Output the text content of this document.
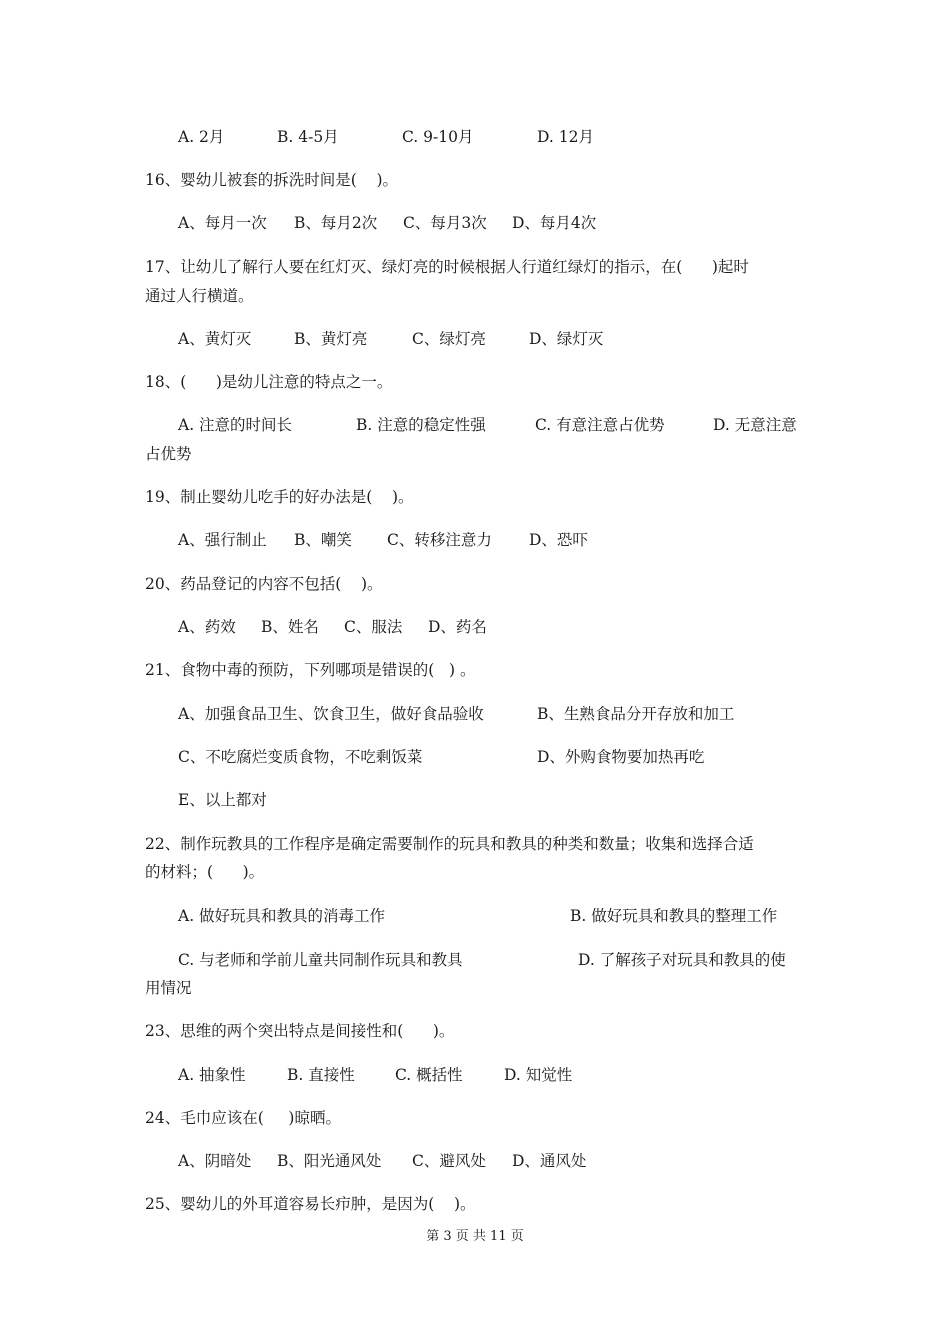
A. 2月	B. 4-5月	C. 9-10月	D. 12月
16、婴幼儿被套的拆洗时间是(    )。
A、每月一次 B、每月2次 C、每月3次 D、每月4次
17、让幼儿了解行人要在红灯灭、绿灯亮的时候根据人行道红绿灯的指示，在(      )起时
通过人行横道。
A、黄灯灭	B、黄灯亮	C、绿灯亮	D、绿灯灭
18、(      )是幼儿注意的特点之一。
A. 注意的时间长	B. 注意的稳定性强	C. 有意注意占优势	D. 无意注意
占优势
19、制止婴幼儿吃手的好办法是(    )。
A、强行制止 B、嘲笑 C、转移注意力 D、恐吓
20、药品登记的内容不包括(    )。
A、药效 B、姓名 C、服法 D、药名
21、食物中毒的预防，下列哪项是错误的(   ) 。
A、加强食品卫生、饮食卫生，做好食品验收	B、生熟食品分开存放和加工
C、不吃腐烂变质食物，不吃剩饭菜	D、外购食物要加热再吃
E、以上都对
22、制作玩教具的工作程序是确定需要制作的玩具和教具的种类和数量；收集和选择合适
的材料；(      )。
A. 做好玩具和教具的消毒工作	B. 做好玩具和教具的整理工作
C. 与老师和学前儿童共同制作玩具和教具	D. 了解孩子对玩具和教具的使
用情况
23、思维的两个突出特点是间接性和(      )。
A. 抽象性	B. 直接性	C. 概括性	D. 知觉性
24、毛巾应该在(     )晾晒。
A、阴暗处 B、阳光通风处 C、避风处 D、通风处
25、婴幼儿的外耳道容易长疖肿，是因为(    )。
第 3 页 共 11 页
